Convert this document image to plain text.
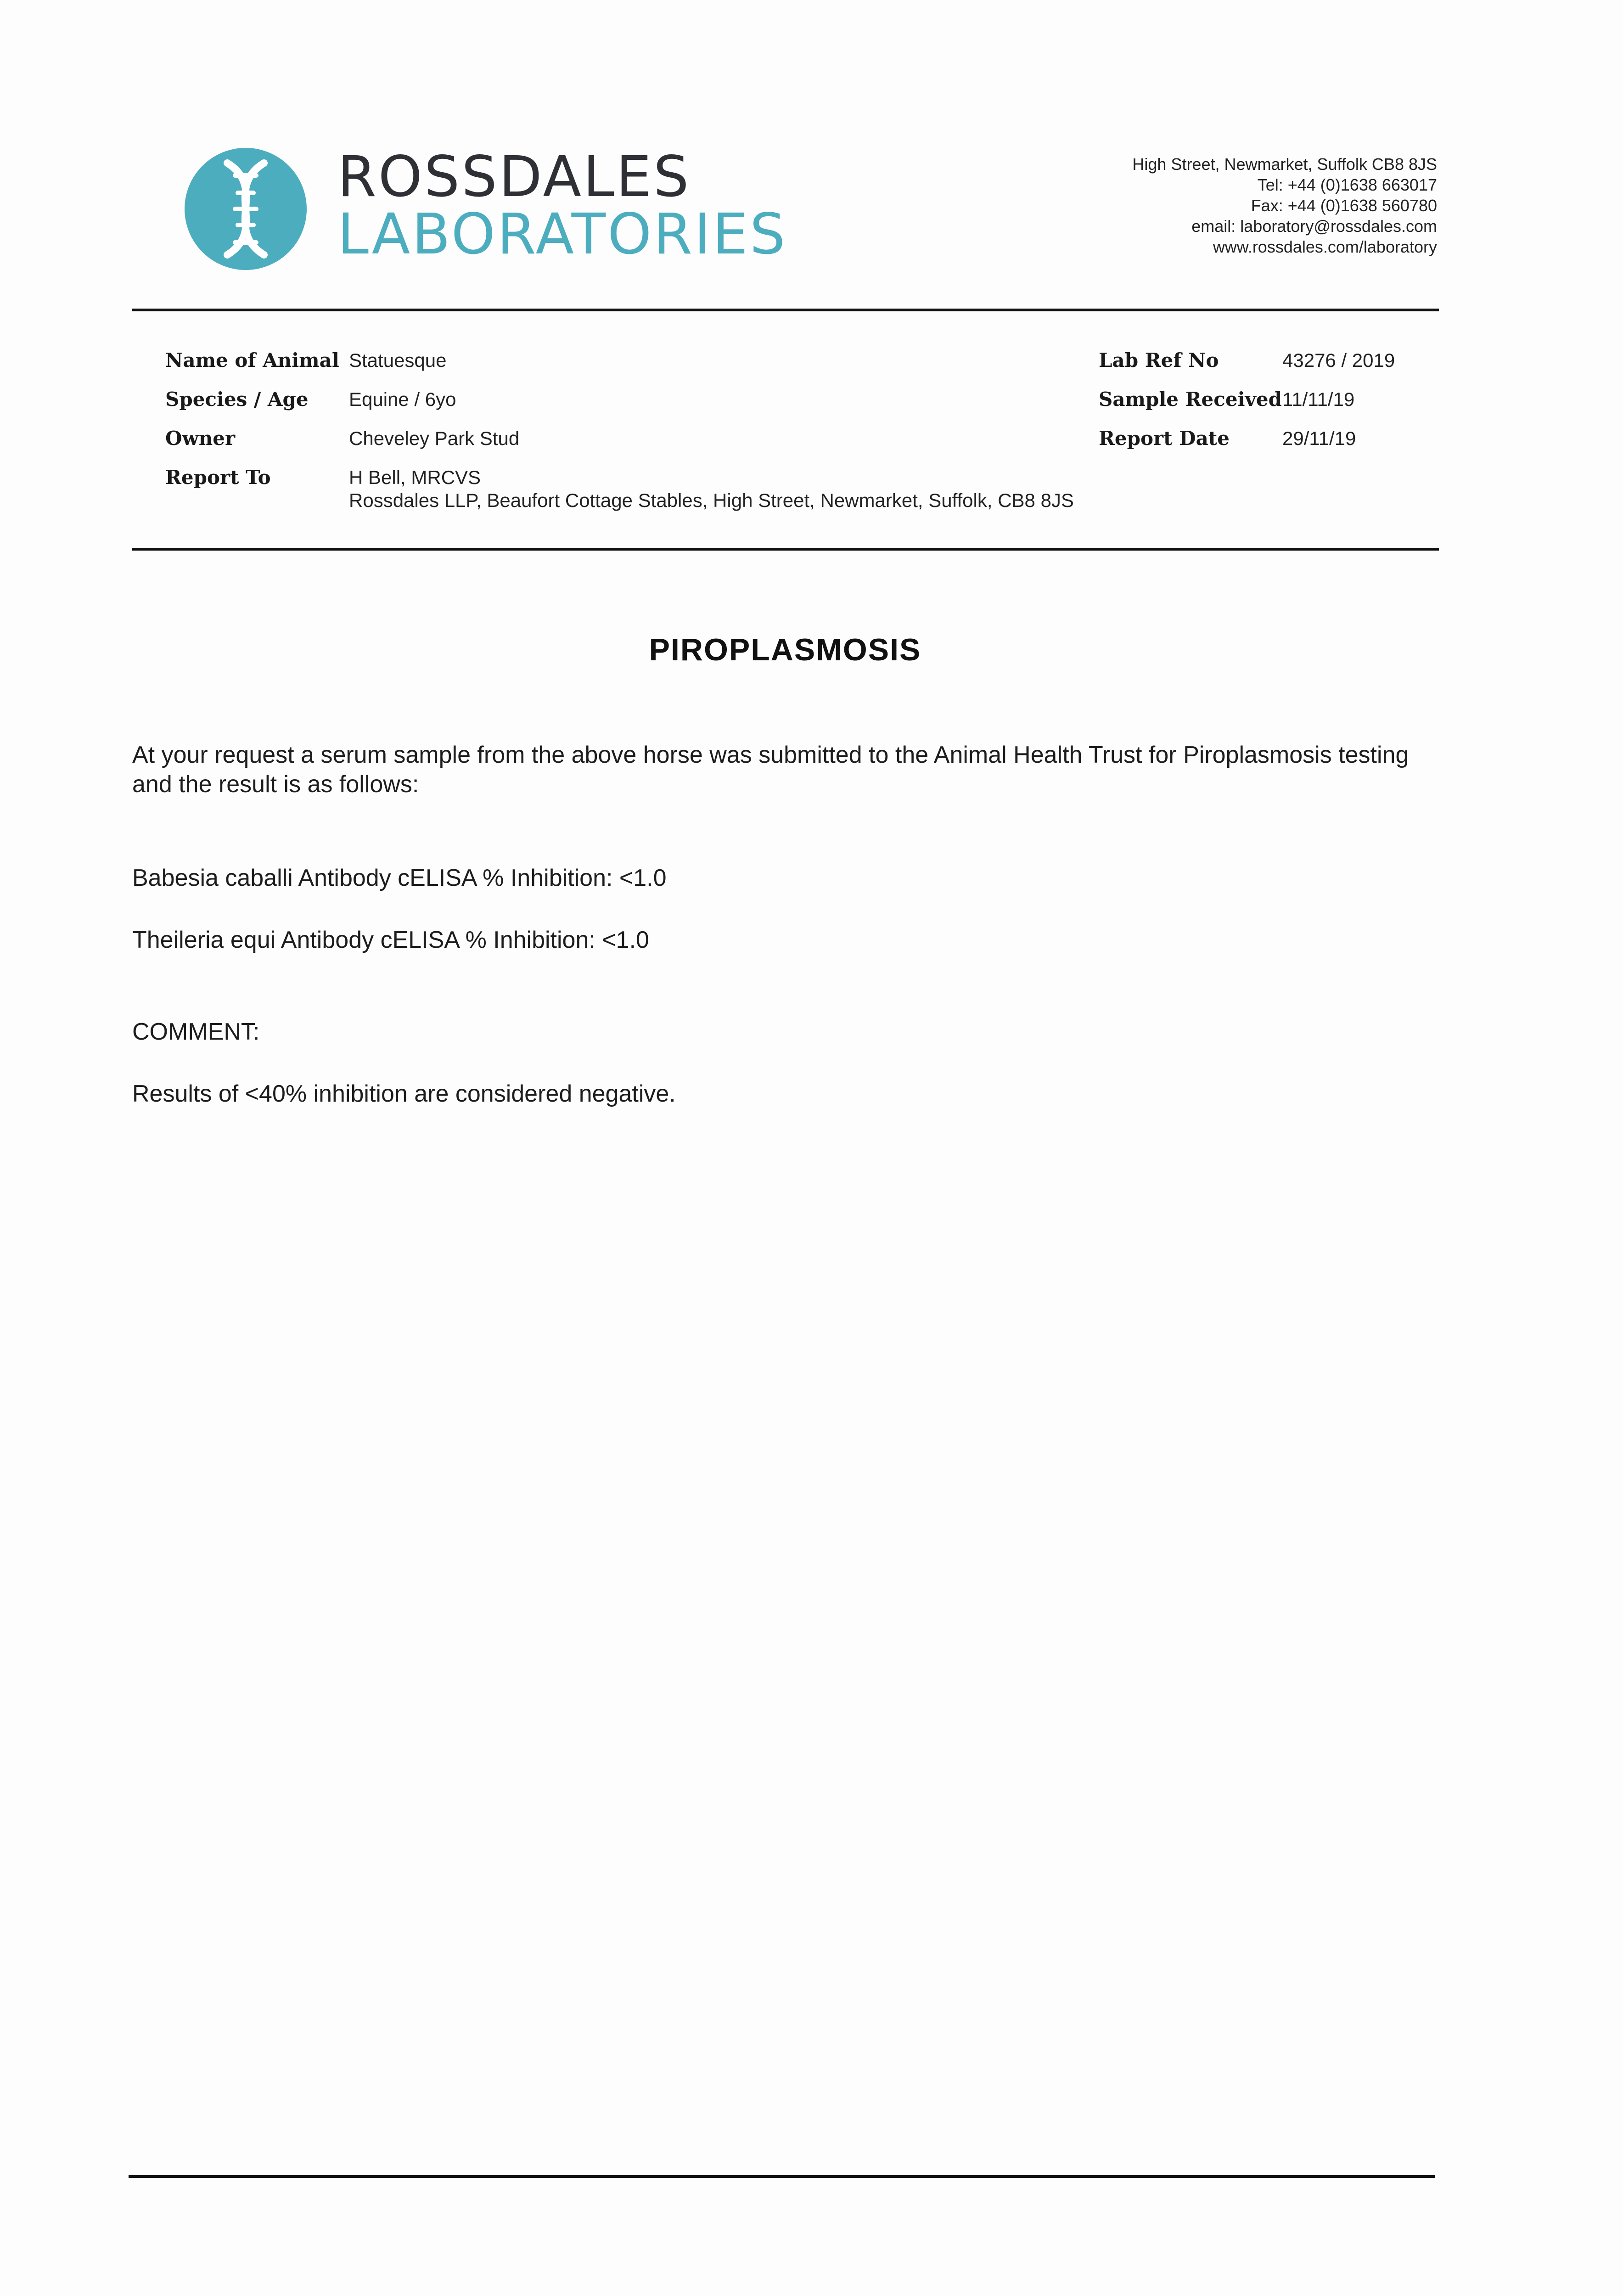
ROSSDALES
LABORATORIES
High Street, Newmarket, Suffolk CB8 8JS
Tel: +44 (0)1638 663017
Fax: +44 (0)1638 560780
email: laboratory@rossdales.com
www.rossdales.com/laboratory
Name of Animal Statuesque
Species / Age Equine / 6yo
Owner	Cheveley Park Stud
Report To	H Bell, MRCVS
Rossdales LLP, Beaufort Cottage Stables, High Street, Newmarket, Suffolk, CB8 8JS
Lab Ref No	43276 / 2019
Sample Received 11/11/19
Report Date	29/11/19
PIROPLASMOSIS
At your request a serum sample from the above horse was submitted to the Animal Health Trust for Piroplasmosis testing and the result is as follows:
Babesia caballi Antibody cELISA % Inhibition: <1.0
Theileria equi Antibody cELISA % Inhibition: <1.0
COMMENT:
Results of <40% inhibition are considered negative.
